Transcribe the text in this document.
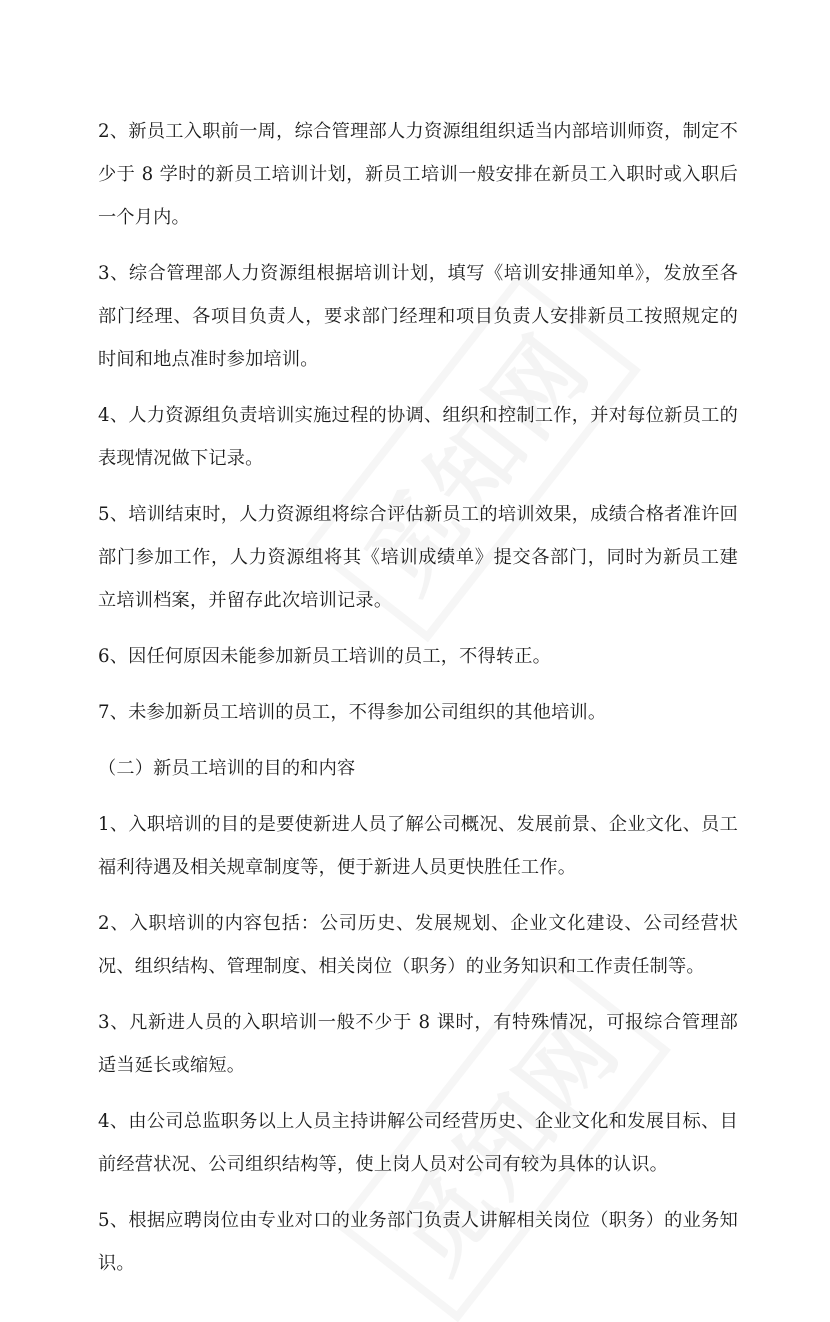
2、新员工入职前一周，综合管理部人力资源组组织适当内部培训师资，制定不少于 8 学时的新员工培训计划，新员工培训一般安排在新员工入职时或入职后一个月内。

3、综合管理部人力资源组根据培训计划，填写《培训安排通知单》，发放至各部门经理、各项目负责人，要求部门经理和项目负责人安排新员工按照规定的时间和地点准时参加培训。

4、人力资源组负责培训实施过程的协调、组织和控制工作，并对每位新员工的表现情况做下记录。

5、培训结束时，人力资源组将综合评估新员工的培训效果，成绩合格者准许回部门参加工作，人力资源组将其《培训成绩单》提交各部门，同时为新员工建立培训档案，并留存此次培训记录。

6、因任何原因未能参加新员工培训的员工，不得转正。

7、未参加新员工培训的员工，不得参加公司组织的其他培训。

（二）新员工培训的目的和内容

1、入职培训的目的是要使新进人员了解公司概况、发展前景、企业文化、员工福利待遇及相关规章制度等，便于新进人员更快胜任工作。

2、入职培训的内容包括：公司历史、发展规划、企业文化建设、公司经营状况、组织结构、管理制度、相关岗位（职务）的业务知识和工作责任制等。

3、凡新进人员的入职培训一般不少于 8 课时，有特殊情况，可报综合管理部适当延长或缩短。

4、由公司总监职务以上人员主持讲解公司经营历史、企业文化和发展目标、目前经营状况、公司组织结构等，使上岗人员对公司有较为具体的认识。

5、根据应聘岗位由专业对口的业务部门负责人讲解相关岗位（职务）的业务知识。
